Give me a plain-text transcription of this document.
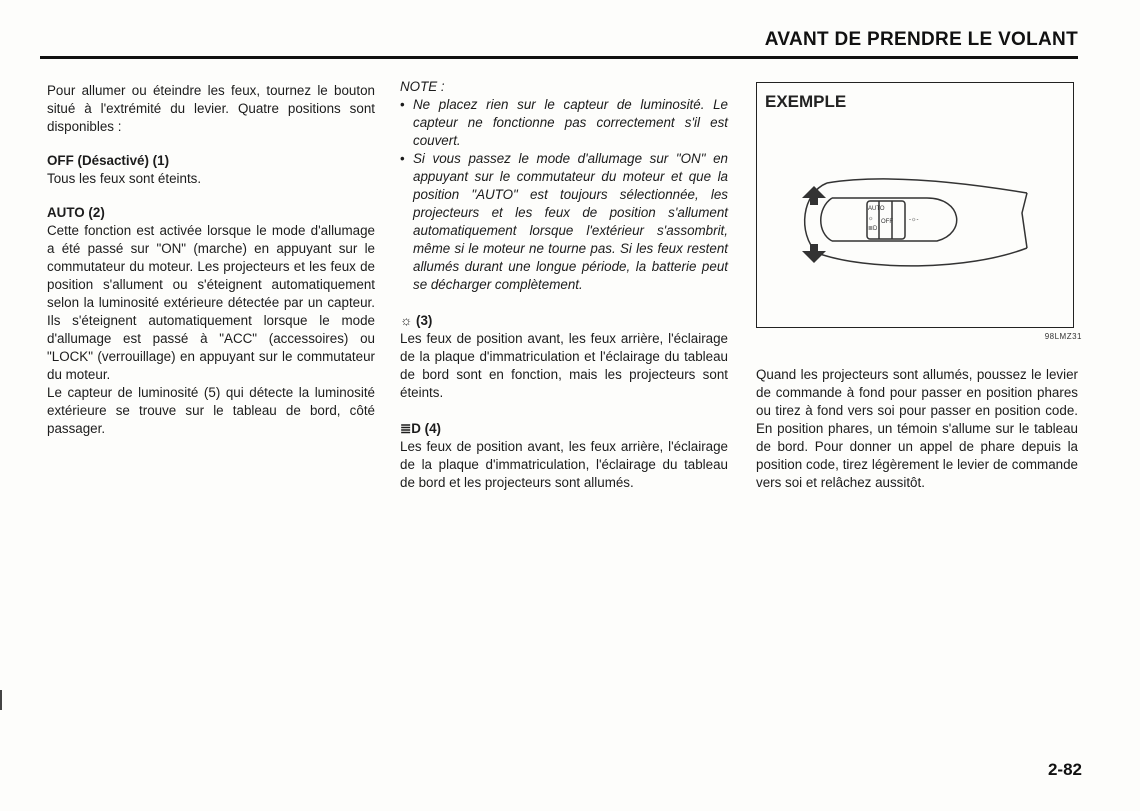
AVANT DE PRENDRE LE VOLANT

Pour allumer ou éteindre les feux, tournez le bouton situé à l'extrémité du levier. Quatre positions sont disponibles :

OFF (Désactivé) (1)

Tous les feux sont éteints.

AUTO (2)

Cette fonction est activée lorsque le mode d'allumage a été passé sur "ON" (marche) en appuyant sur le commutateur du moteur. Les projecteurs et les feux de position s'allument ou s'éteignent automatiquement selon la luminosité extérieure détectée par un capteur. Ils s'éteignent automatiquement lorsque le mode d'allumage est passé à "ACC" (accessoires) ou "LOCK" (verrouillage) en appuyant sur le commutateur du moteur.

Le capteur de luminosité (5) qui détecte la luminosité extérieure se trouve sur le tableau de bord, côté passager.

NOTE :

• Ne placez rien sur le capteur de luminosité. Le capteur ne fonctionne pas correctement s'il est couvert.
• Si vous passez le mode d'allumage sur "ON" en appuyant sur le commutateur du moteur et que la position "AUTO" est toujours sélectionnée, les projecteurs et les feux de position s'allument automatiquement lorsque l'extérieur s'assombrit, même si le moteur ne tourne pas. Si les feux restent allumés durant une longue période, la batterie peut se décharger complètement.

☼ (3)

Les feux de position avant, les feux arrière, l'éclairage de la plaque d'immatriculation et l'éclairage du tableau de bord sont en fonction, mais les projecteurs sont éteints.

≣D (4)

Les feux de position avant, les feux arrière, l'éclairage de la plaque d'immatriculation, l'éclairage du tableau de bord et les projecteurs sont allumés.

EXEMPLE
AUTO
☼
≣D
OFF	-☼-
98LMZ31

Quand les projecteurs sont allumés, poussez le levier de commande à fond pour passer en position phares ou tirez à fond vers soi pour passer en position code. En position phares, un témoin s'allume sur le tableau de bord. Pour donner un appel de phare depuis la position code, tirez légèrement le levier de commande vers soi et relâchez aussitôt.

2-82
